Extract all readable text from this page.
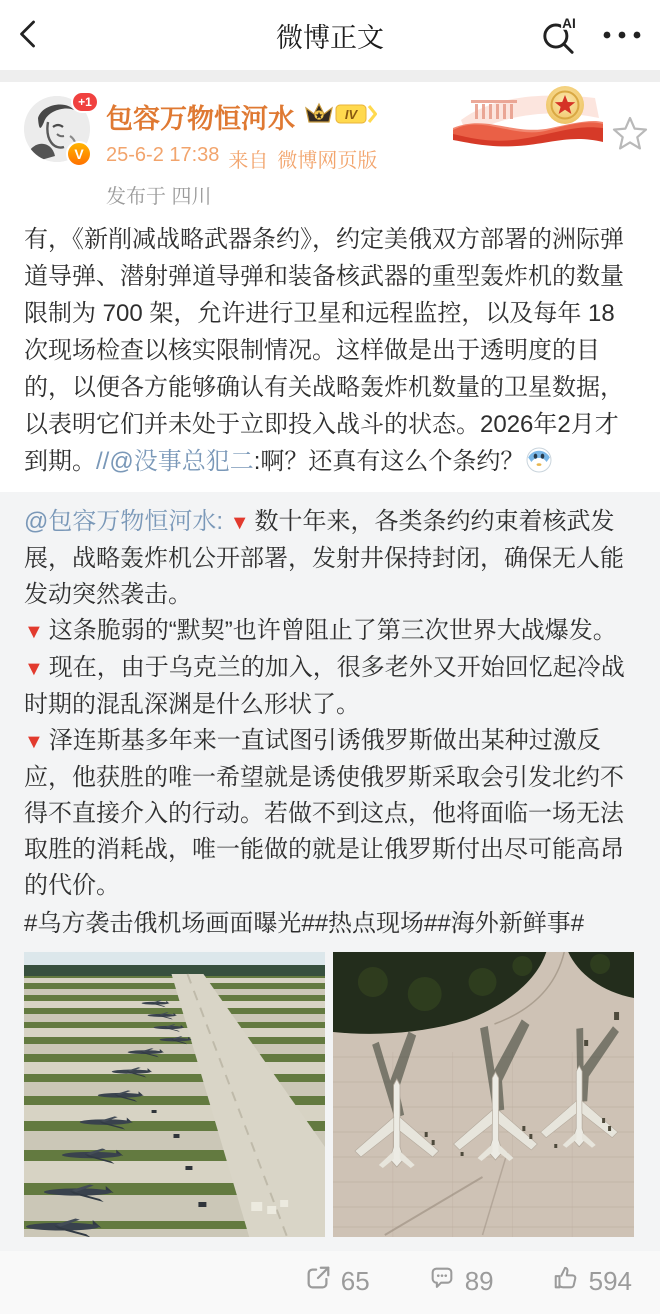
微博正文	AI
+1
V
包容万物恒河水	IV
25-6-2 17:38 来自 微博网页版
发布于 四川
有，《新削减战略武器条约》，约定美俄双方部署的洲际弹道导弹、潜射弹道导弹和装备核武器的重型轰炸机的数量限制为 700 架，允许进行卫星和远程监控，以及每年 18 次现场检查以核实限制情况。这样做是出于透明度的目的，以便各方能够确认有关战略轰炸机数量的卫星数据，以表明它们并未处于立即投入战斗的状态。2026年2月才到期。//@没事总犯二:啊？还真有这么个条约？

@包容万物恒河水: ▼ 数十年来，各类条约约束着核武发展，战略轰炸机公开部署，发射井保持封闭，确保无人能发动突然袭击。

▼ 这条脆弱的“默契”也许曾阻止了第三次世界大战爆发。

▼ 现在，由于乌克兰的加入，很多老外又开始回忆起冷战时期的混乱深渊是什么形状了。

▼ 泽连斯基多年来一直试图引诱俄罗斯做出某种过激反应，他获胜的唯一希望就是诱使俄罗斯采取会引发北约不得不直接介入的行动。若做不到这点，他将面临一场无法取胜的消耗战，唯一能做的就是让俄罗斯付出尽可能高昂的代价。

#乌方袭击俄机场画面曝光##热点现场##海外新鲜事#

65	89	594
